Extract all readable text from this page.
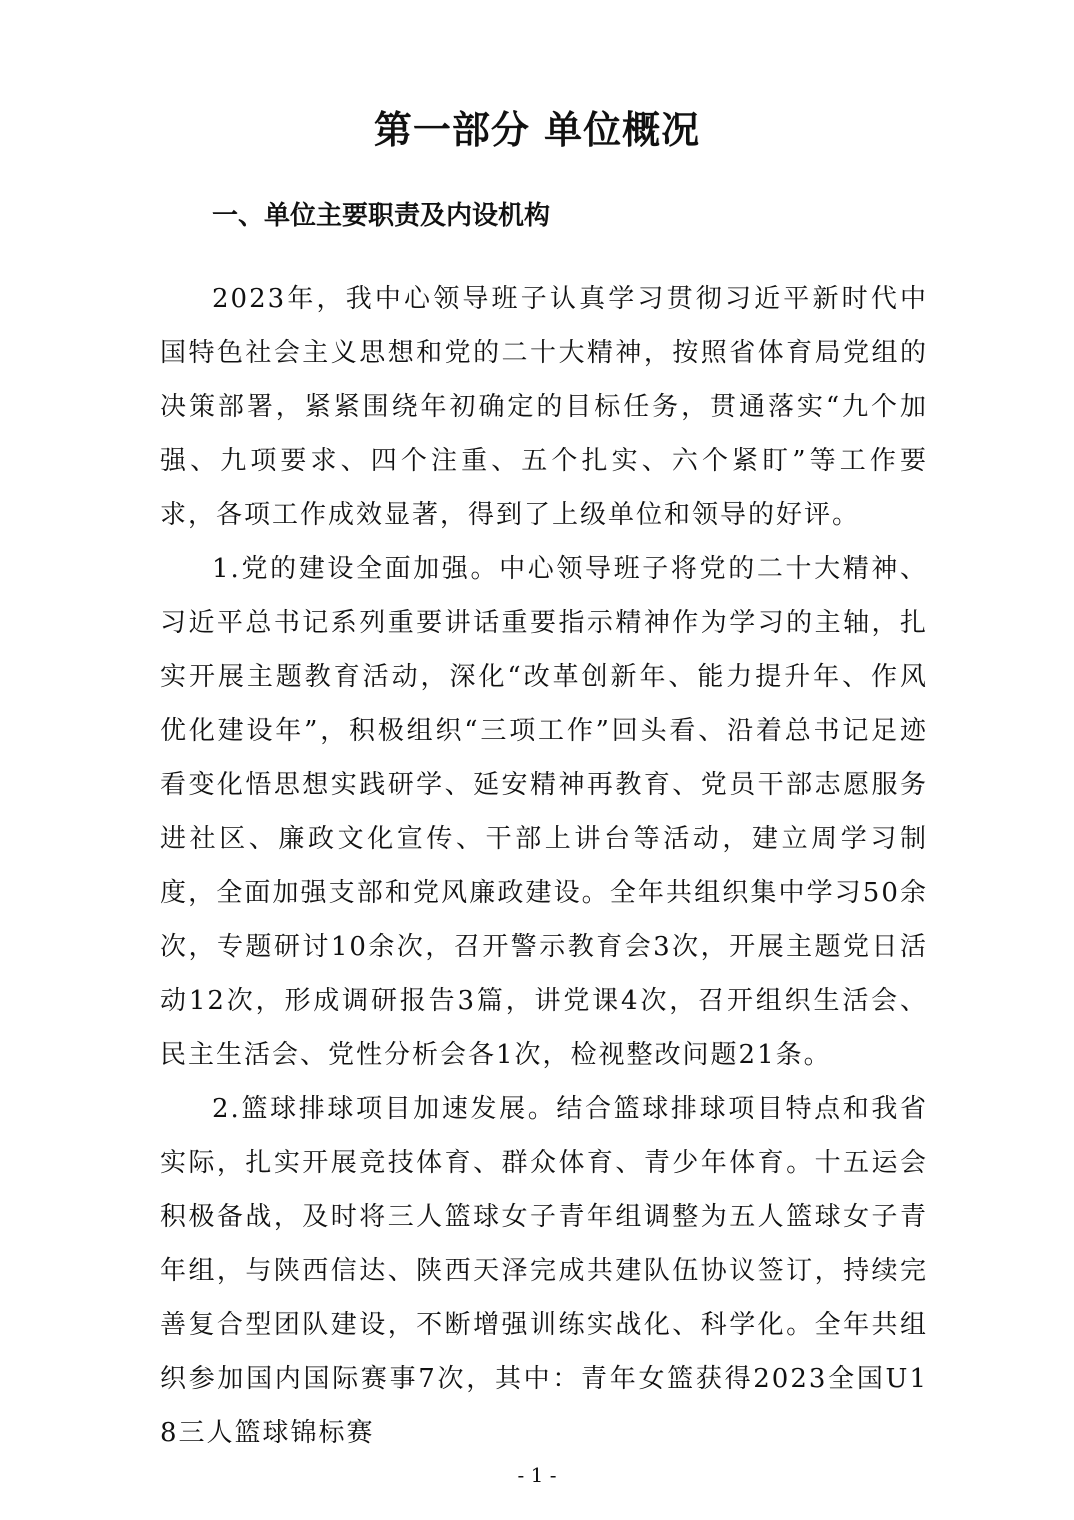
第一部分 单位概况
一、单位主要职责及内设机构

2023年，我中心领导班子认真学习贯彻习近平新时代中国特色社会主义思想和党的二十大精神，按照省体育局党组的决策部署，紧紧围绕年初确定的目标任务，贯通落实“九个加强、九项要求、四个注重、五个扎实、六个紧盯”等工作要求，各项工作成效显著，得到了上级单位和领导的好评。

1.党的建设全面加强。中心领导班子将党的二十大精神、习近平总书记系列重要讲话重要指示精神作为学习的主轴，扎实开展主题教育活动，深化“改革创新年、能力提升年、作风优化建设年”，积极组织“三项工作”回头看、沿着总书记足迹看变化悟思想实践研学、延安精神再教育、党员干部志愿服务进社区、廉政文化宣传、干部上讲台等活动，建立周学习制度，全面加强支部和党风廉政建设。全年共组织集中学习50余次，专题研讨10余次，召开警示教育会3次，开展主题党日活动12次，形成调研报告3篇，讲党课4次，召开组织生活会、民主生活会、党性分析会各1次，检视整改问题21条。

2.篮球排球项目加速发展。结合篮球排球项目特点和我省实际，扎实开展竞技体育、群众体育、青少年体育。十五运会积极备战，及时将三人篮球女子青年组调整为五人篮球女子青年组，与陕西信达、陕西天泽完成共建队伍协议签订，持续完善复合型团队建设，不断增强训练实战化、科学化。全年共组织参加国内国际赛事7次，其中：青年女篮获得2023全国U18三人篮球锦标赛

- 1 -
